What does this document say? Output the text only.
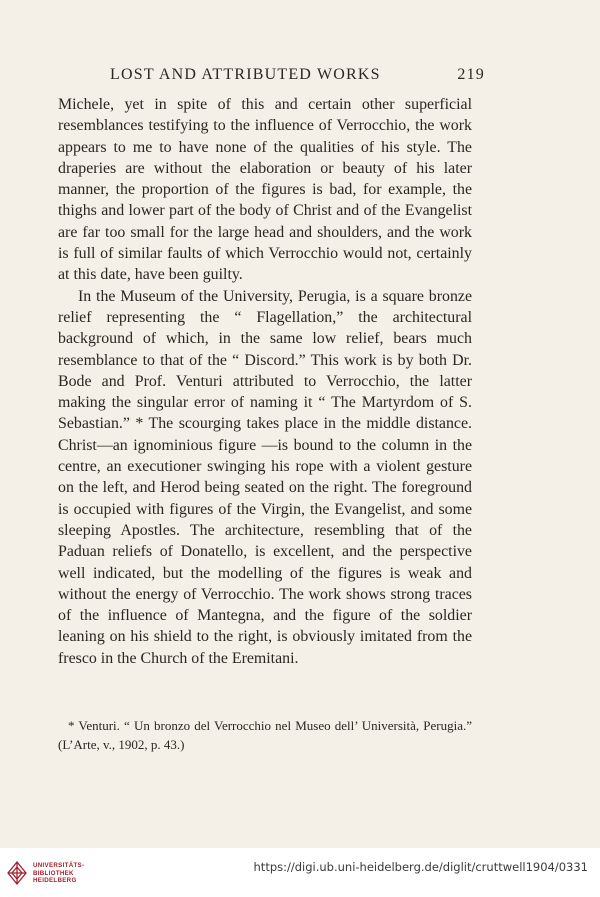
LOST AND ATTRIBUTED WORKS	219

Michele, yet in spite of this and certain other superficial resemblances testifying to the influence of Verrocchio, the work appears to me to have none of the qualities of his style. The draperies are without the elaboration or beauty of his later manner, the proportion of the figures is bad, for example, the thighs and lower part of the body of Christ and of the Evangelist are far too small for the large head and shoulders, and the work is full of similar faults of which Verrocchio would not, certainly at this date, have been guilty.

In the Museum of the University, Perugia, is a square bronze relief representing the “ Flagellation,” the architectural background of which, in the same low relief, bears much resemblance to that of the “ Discord.” This work is by both Dr. Bode and Prof. Venturi attributed to Verrocchio, the latter making the singular error of naming it “ The Martyrdom of S. Sebastian.” * The scourging takes place in the middle distance. Christ—an ignominious figure —is bound to the column in the centre, an executioner swinging his rope with a violent gesture on the left, and Herod being seated on the right. The foreground is occupied with figures of the Virgin, the Evangelist, and some sleeping Apostles. The architecture, resembling that of the Paduan reliefs of Donatello, is excellent, and the perspective well indicated, but the modelling of the figures is weak and without the energy of Verrocchio. The work shows strong traces of the influence of Mantegna, and the figure of the soldier leaning on his shield to the right, is obviously imitated from the fresco in the Church of the Eremitani.

* Venturi. “ Un bronzo del Verrocchio nel Museo dell’ Università, Perugia.” (L’Arte, v., 1902, p. 43.)

UNIVERSITÄTS-
BIBLIOTHEK
HEIDELBERG
https://digi.ub.uni-heidelberg.de/diglit/cruttwell1904/0331
